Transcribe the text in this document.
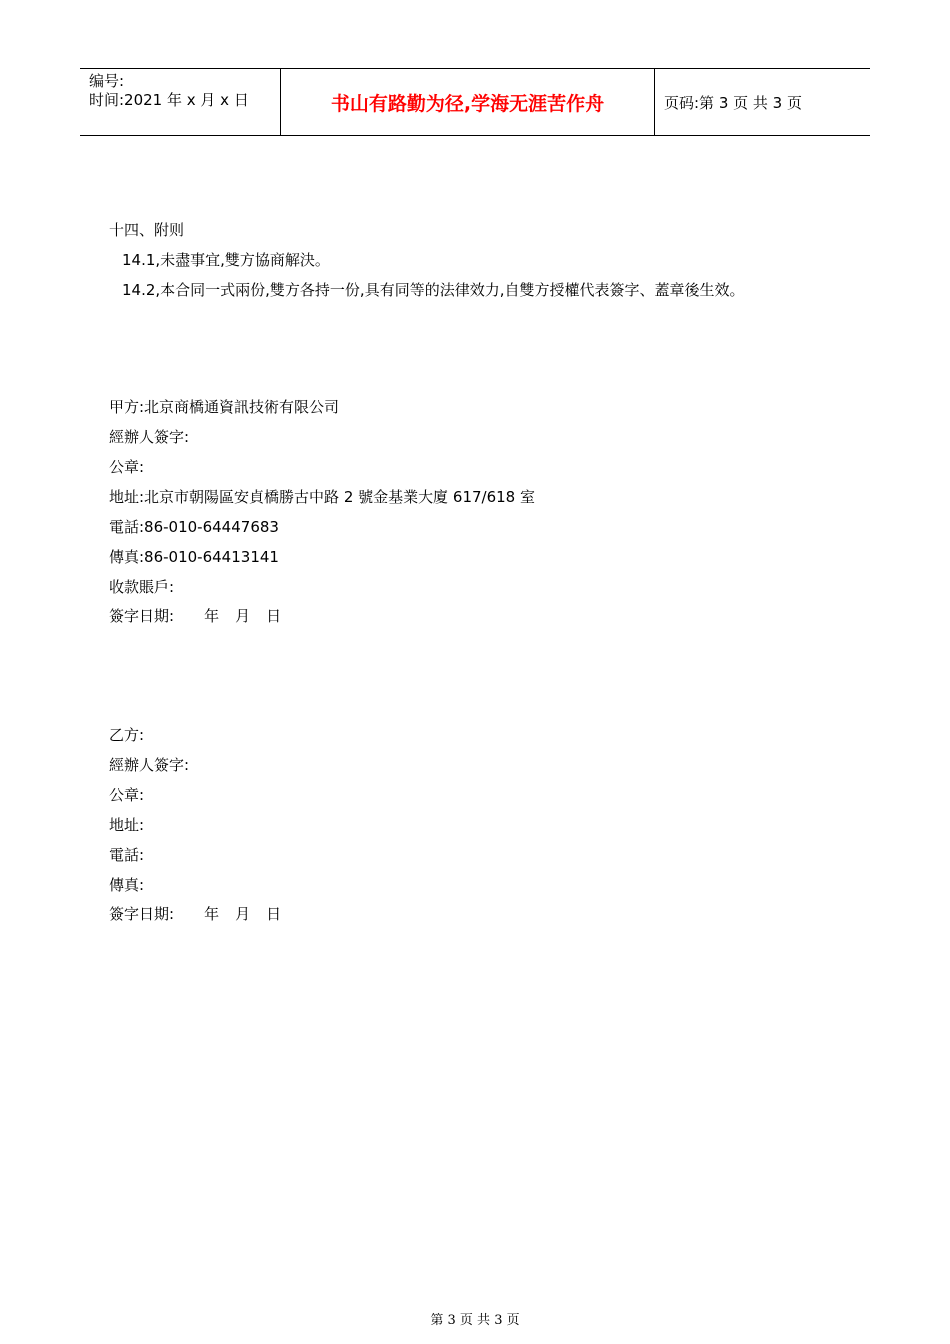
编号:
时间:2021 年 x 月 x 日	书山有路勤为径,学海无涯苦作舟	页码:第 3 页 共 3 页
十四、附则
14.1,未盡事宜,雙方協商解決。
14.2,本合同一式兩份,雙方各持一份,具有同等的法律效力,自雙方授權代表簽字、蓋章後生效。
甲方:北京商橋通資訊技術有限公司
經辦人簽字:
公章:
地址:北京市朝陽區安貞橋勝古中路 2 號金基業大廈 617/618 室
電話:86-010-64447683
傳真:86-010-64413141
收款賬戶:
簽字日期: 年 月 日
乙方:
經辦人簽字:
公章:
地址:
電話:
傳真:
簽字日期: 年 月 日
第 3 页 共 3 页
